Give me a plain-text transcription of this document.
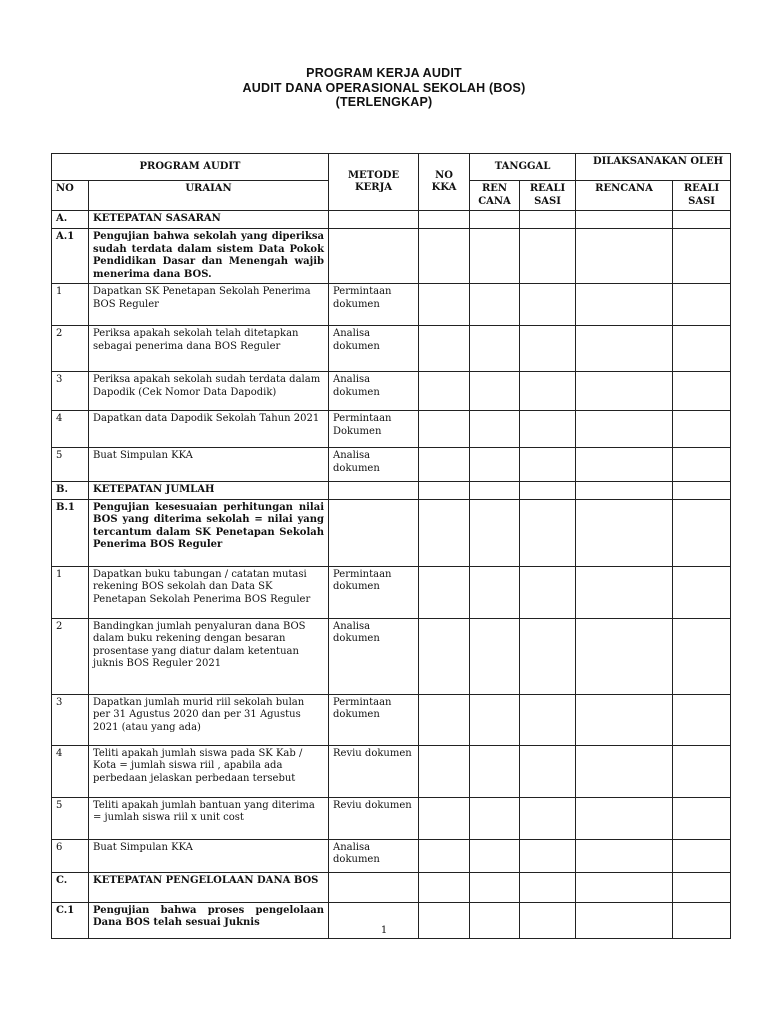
PROGRAM KERJA AUDIT
AUDIT DANA OPERASIONAL SEKOLAH (BOS)
(TERLENGKAP)
PROGRAM AUDIT		METODE KERJA	NO KKA	TANGGAL		DILAKSANAKAN OLEH	
NO	URAIAN			REN CANA	REALI SASI	RENCANA	REALI SASI
A.	KETEPATAN SASARAN						
A.1	Pengujian bahwa sekolah yang diperiksa sudah terdata dalam sistem Data Pokok Pendidikan Dasar dan Menengah wajib menerima dana BOS.						
1	Dapatkan SK Penetapan Sekolah Penerima BOS Reguler	Permintaan dokumen					
2	Periksa apakah sekolah telah ditetapkan sebagai penerima dana BOS Reguler	Analisa dokumen					
3	Periksa apakah sekolah sudah terdata dalam Dapodik (Cek Nomor Data Dapodik)	Analisa dokumen					
4	Dapatkan data Dapodik Sekolah Tahun 2021	Permintaan Dokumen					
5	Buat Simpulan KKA	Analisa dokumen					
B.	KETEPATAN JUMLAH						
B.1	Pengujian kesesuaian perhitungan nilai BOS yang diterima sekolah = nilai yang tercantum dalam SK Penetapan Sekolah Penerima BOS Reguler						
1	Dapatkan buku tabungan / catatan mutasi rekening BOS sekolah dan Data SK Penetapan Sekolah Penerima BOS Reguler	Permintaan dokumen					
2	Bandingkan jumlah penyaluran dana BOS dalam buku rekening dengan besaran prosentase yang diatur dalam ketentuan juknis BOS Reguler 2021	Analisa dokumen					
3	Dapatkan jumlah murid riil sekolah bulan per 31 Agustus 2020 dan per 31 Agustus 2021 (atau yang ada)	Permintaan dokumen					
4	Teliti apakah jumlah siswa pada SK Kab / Kota = jumlah siswa riil , apabila ada perbedaan jelaskan perbedaan tersebut	Reviu dokumen					
5	Teliti apakah jumlah bantuan yang diterima = jumlah siswa riil x unit cost	Reviu dokumen					
6	Buat Simpulan KKA	Analisa dokumen					
C.	KETEPATAN PENGELOLAAN DANA BOS						
C.1	Pengujian bahwa proses pengelolaan Dana BOS telah sesuai Juknis						
1
